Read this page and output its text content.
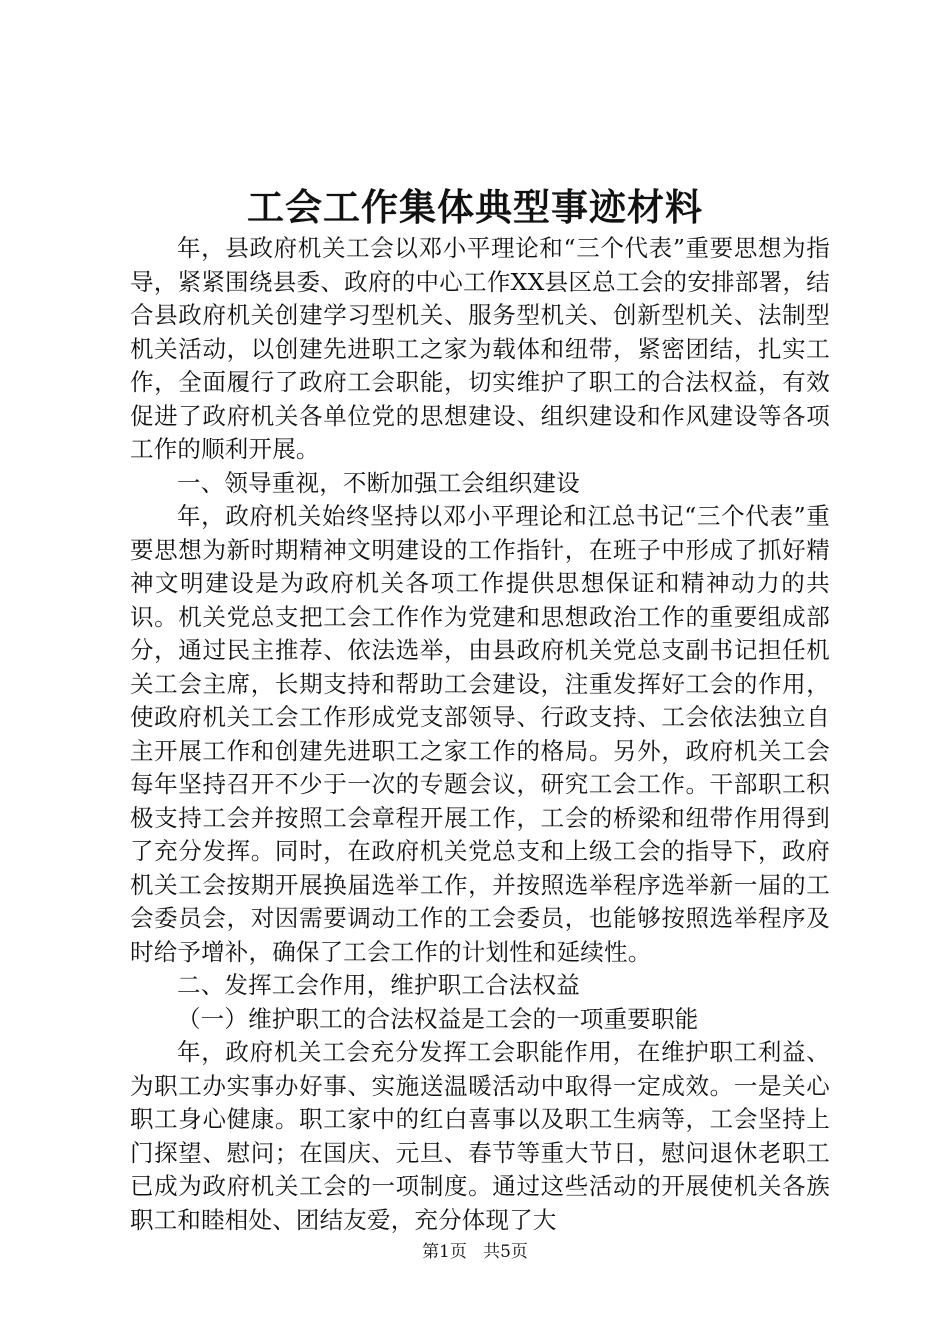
工会工作集体典型事迹材料

年，县政府机关工会以邓小平理论和“三个代表”重要思想为指导，紧紧围绕县委、政府的中心工作XX县区总工会的安排部署，结合县政府机关创建学习型机关、服务型机关、创新型机关、法制型机关活动，以创建先进职工之家为载体和纽带，紧密团结，扎实工作，全面履行了政府工会职能，切实维护了职工的合法权益，有效促进了政府机关各单位党的思想建设、组织建设和作风建设等各项工作的顺利开展。

一、领导重视，不断加强工会组织建设

年，政府机关始终坚持以邓小平理论和江总书记“三个代表”重要思想为新时期精神文明建设的工作指针，在班子中形成了抓好精神文明建设是为政府机关各项工作提供思想保证和精神动力的共识。机关党总支把工会工作作为党建和思想政治工作的重要组成部分，通过民主推荐、依法选举，由县政府机关党总支副书记担任机关工会主席，长期支持和帮助工会建设，注重发挥好工会的作用，使政府机关工会工作形成党支部领导、行政支持、工会依法独立自主开展工作和创建先进职工之家工作的格局。另外，政府机关工会每年坚持召开不少于一次的专题会议，研究工会工作。干部职工积极支持工会并按照工会章程开展工作，工会的桥梁和纽带作用得到了充分发挥。同时，在政府机关党总支和上级工会的指导下，政府机关工会按期开展换届选举工作，并按照选举程序选举新一届的工会委员会，对因需要调动工作的工会委员，也能够按照选举程序及时给予增补，确保了工会工作的计划性和延续性。

二、发挥工会作用，维护职工合法权益

（一）维护职工的合法权益是工会的一项重要职能

年，政府机关工会充分发挥工会职能作用，在维护职工利益、为职工办实事办好事、实施送温暖活动中取得一定成效。一是关心职工身心健康。职工家中的红白喜事以及职工生病等，工会坚持上门探望、慰问；在国庆、元旦、春节等重大节日，慰问退休老职工已成为政府机关工会的一项制度。通过这些活动的开展使机关各族职工和睦相处、团结友爱，充分体现了大

第1页 共5页
